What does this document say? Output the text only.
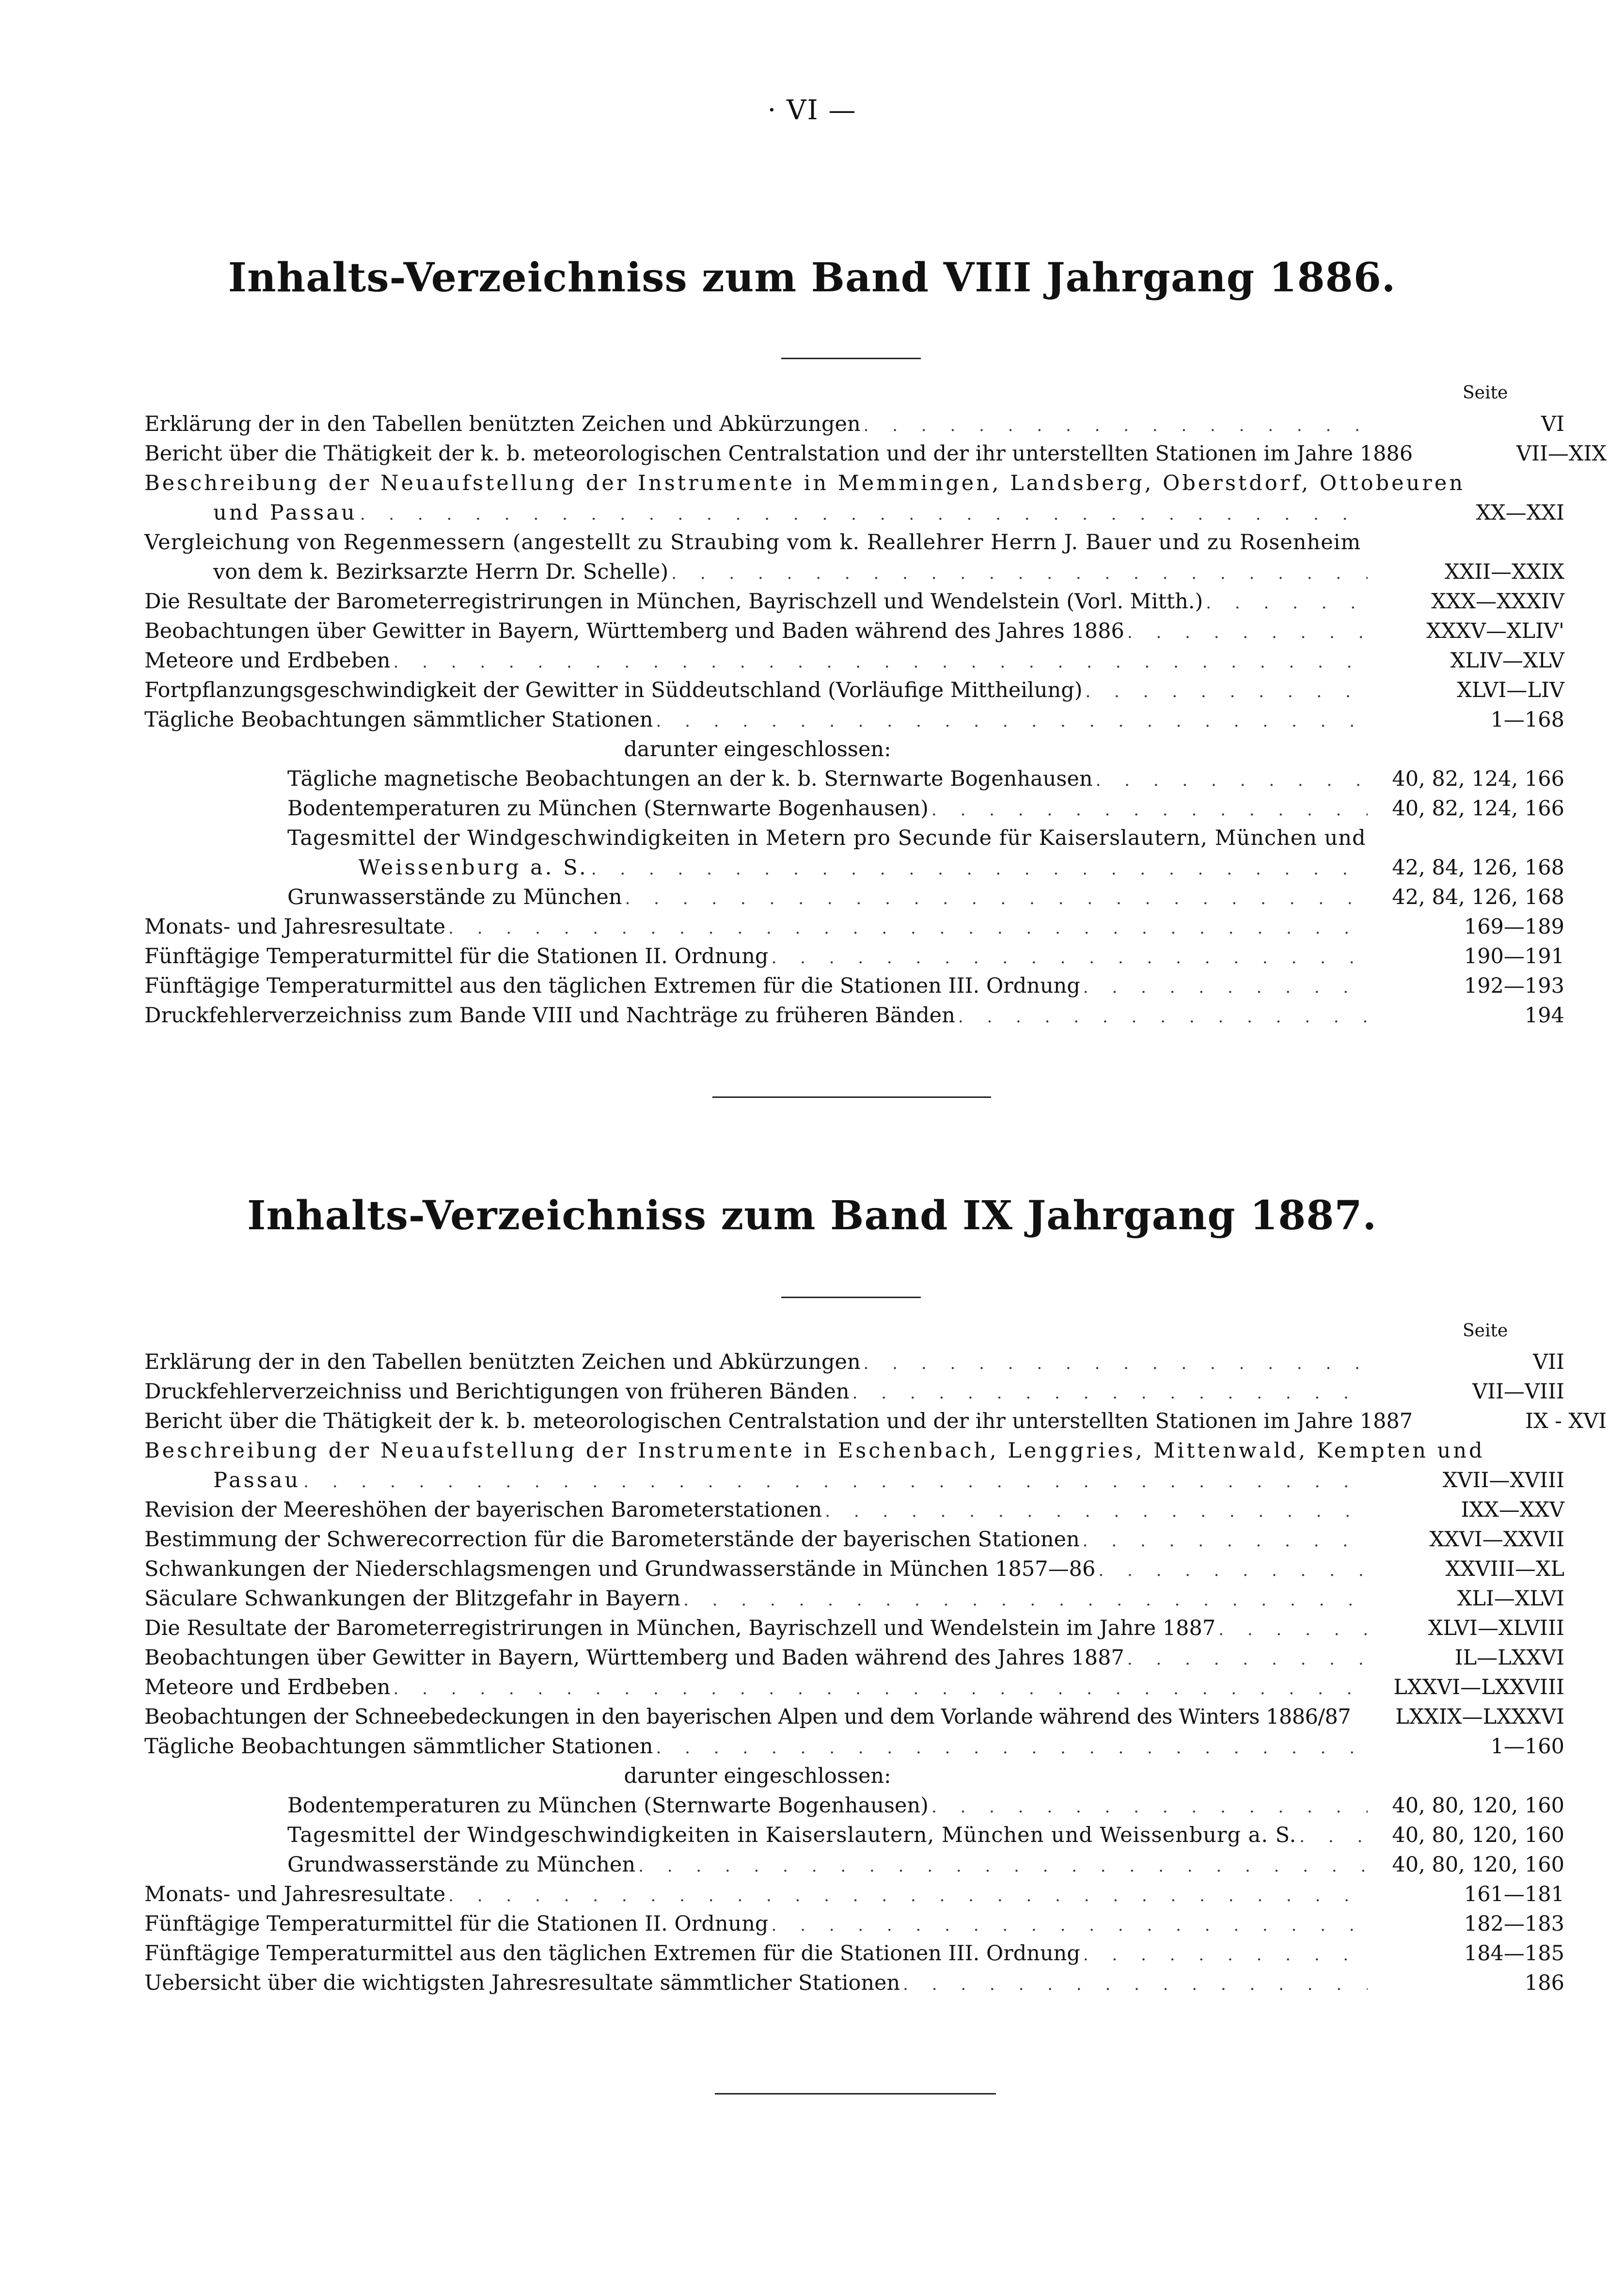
· VI —
Inhalts-Verzeichniss zum Band VIII Jahrgang 1886.
Seite
Erklärung der in den Tabellen benützten Zeichen und Abkürzungen . . .	VI
Bericht über die Thätigkeit der k. b. meteorologischen Centralstation und der ihr unterstellten Stationen im Jahre 1886	VII—XIX
Beschreibung der Neuaufstellung der Instrumente in Memmingen, Landsberg, Oberstdorf, Ottobeuren
und Passau . . .	XX—XXI
Vergleichung von Regenmessern (angestellt zu Straubing vom k. Reallehrer Herrn J. Bauer und zu Rosenheim
von dem k. Bezirksarzte Herrn Dr. Schelle) . . .	XXII—XXIX
Die Resultate der Barometerregistrirungen in München, Bayrischzell und Wendelstein (Vorl. Mitth.) . . .	XXX—XXXIV
Beobachtungen über Gewitter in Bayern, Württemberg und Baden während des Jahres 1886 . . .	XXXV—XLIV'
Meteore und Erdbeben . . .	XLIV—XLV
Fortpflanzungsgeschwindigkeit der Gewitter in Süddeutschland (Vorläufige Mittheilung) . . .	XLVI—LIV
Tägliche Beobachtungen sämmtlicher Stationen . . .	1—168
darunter eingeschlossen:
Tägliche magnetische Beobachtungen an der k. b. Sternwarte Bogenhausen . . .	40, 82, 124, 166
Bodentemperaturen zu München (Sternwarte Bogenhausen) . . .	40, 82, 124, 166
Tagesmittel der Windgeschwindigkeiten in Metern pro Secunde für Kaiserslautern, München und
Weissenburg a. S. . . .	42, 84, 126, 168
Grunwasserstände zu München . . .	42, 84, 126, 168
Monats- und Jahresresultate . . .	169—189
Fünftägige Temperaturmittel für die Stationen II. Ordnung . . .	190—191
Fünftägige Temperaturmittel aus den täglichen Extremen für die Stationen III. Ordnung . . .	192—193
Druckfehlerverzeichniss zum Bande VIII und Nachträge zu früheren Bänden . . .	194
Inhalts-Verzeichniss zum Band IX Jahrgang 1887.
Seite
Erklärung der in den Tabellen benützten Zeichen und Abkürzungen . . .	VII
Druckfehlerverzeichniss und Berichtigungen von früheren Bänden . . .	VII—VIII
Bericht über die Thätigkeit der k. b. meteorologischen Centralstation und der ihr unterstellten Stationen im Jahre 1887	IX - XVI
Beschreibung der Neuaufstellung der Instrumente in Eschenbach, Lenggries, Mittenwald, Kempten und
Passau . . .	XVII—XVIII
Revision der Meereshöhen der bayerischen Barometerstationen . . .	IXX—XXV
Bestimmung der Schwerecorrection für die Barometerstände der bayerischen Stationen . . .	XXVI—XXVII
Schwankungen der Niederschlagsmengen und Grundwasserstände in München 1857—86 . . .	XXVIII—XL
Säculare Schwankungen der Blitzgefahr in Bayern . . .	XLI—XLVI
Die Resultate der Barometerregistrirungen in München, Bayrischzell und Wendelstein im Jahre 1887 . . .	XLVI—XLVIII
Beobachtungen über Gewitter in Bayern, Württemberg und Baden während des Jahres 1887 . . .	IL—LXXVI
Meteore und Erdbeben . . .	LXXVI—LXXVIII
Beobachtungen der Schneebedeckungen in den bayerischen Alpen und dem Vorlande während des Winters 1886/87	LXXIX—LXXXVI
Tägliche Beobachtungen sämmtlicher Stationen . . .	1—160
darunter eingeschlossen:
Bodentemperaturen zu München (Sternwarte Bogenhausen) . . .	40, 80, 120, 160
Tagesmittel der Windgeschwindigkeiten in Kaiserslautern, München und Weissenburg a. S. . . .	40, 80, 120, 160
Grundwasserstände zu München . . .	40, 80, 120, 160
Monats- und Jahresresultate . . .	161—181
Fünftägige Temperaturmittel für die Stationen II. Ordnung . . .	182—183
Fünftägige Temperaturmittel aus den täglichen Extremen für die Stationen III. Ordnung . . .	184—185
Uebersicht über die wichtigsten Jahresresultate sämmtlicher Stationen . . .	186
